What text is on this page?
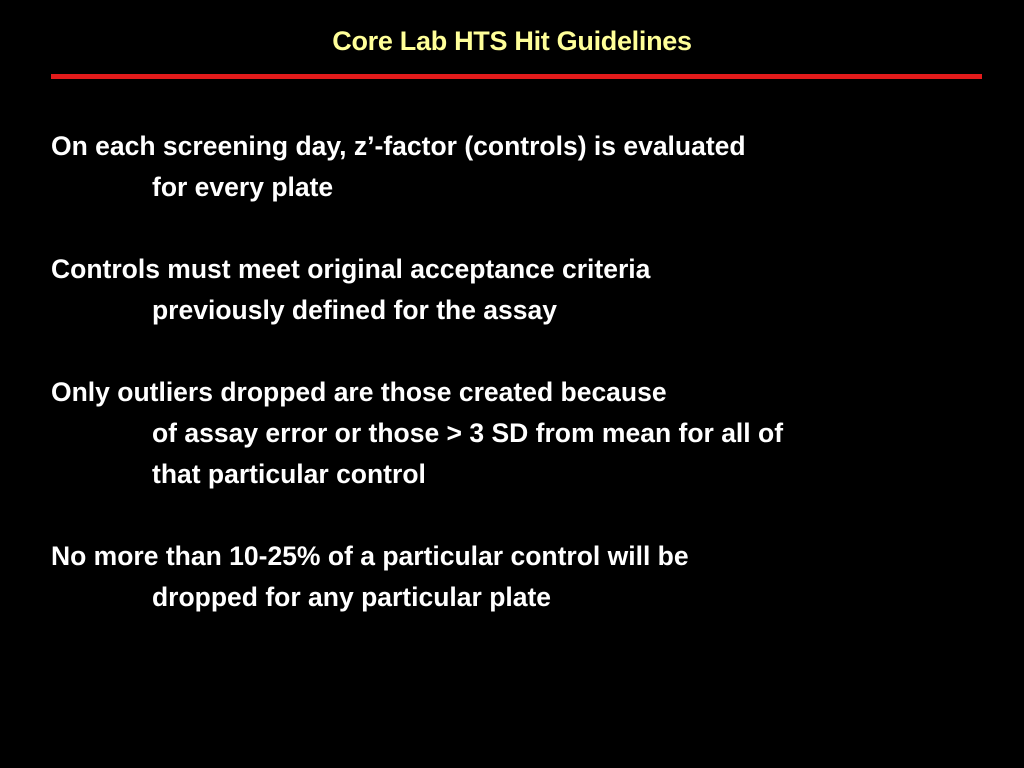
Core Lab HTS Hit Guidelines

On each screening day, z’-factor (controls) is evaluated
for every plate

Controls must meet original acceptance criteria
previously defined for the assay

Only outliers dropped are those created because
of assay error or those > 3 SD from mean for all of
that particular control

No more than 10-25% of a particular control will be
dropped for any particular plate
